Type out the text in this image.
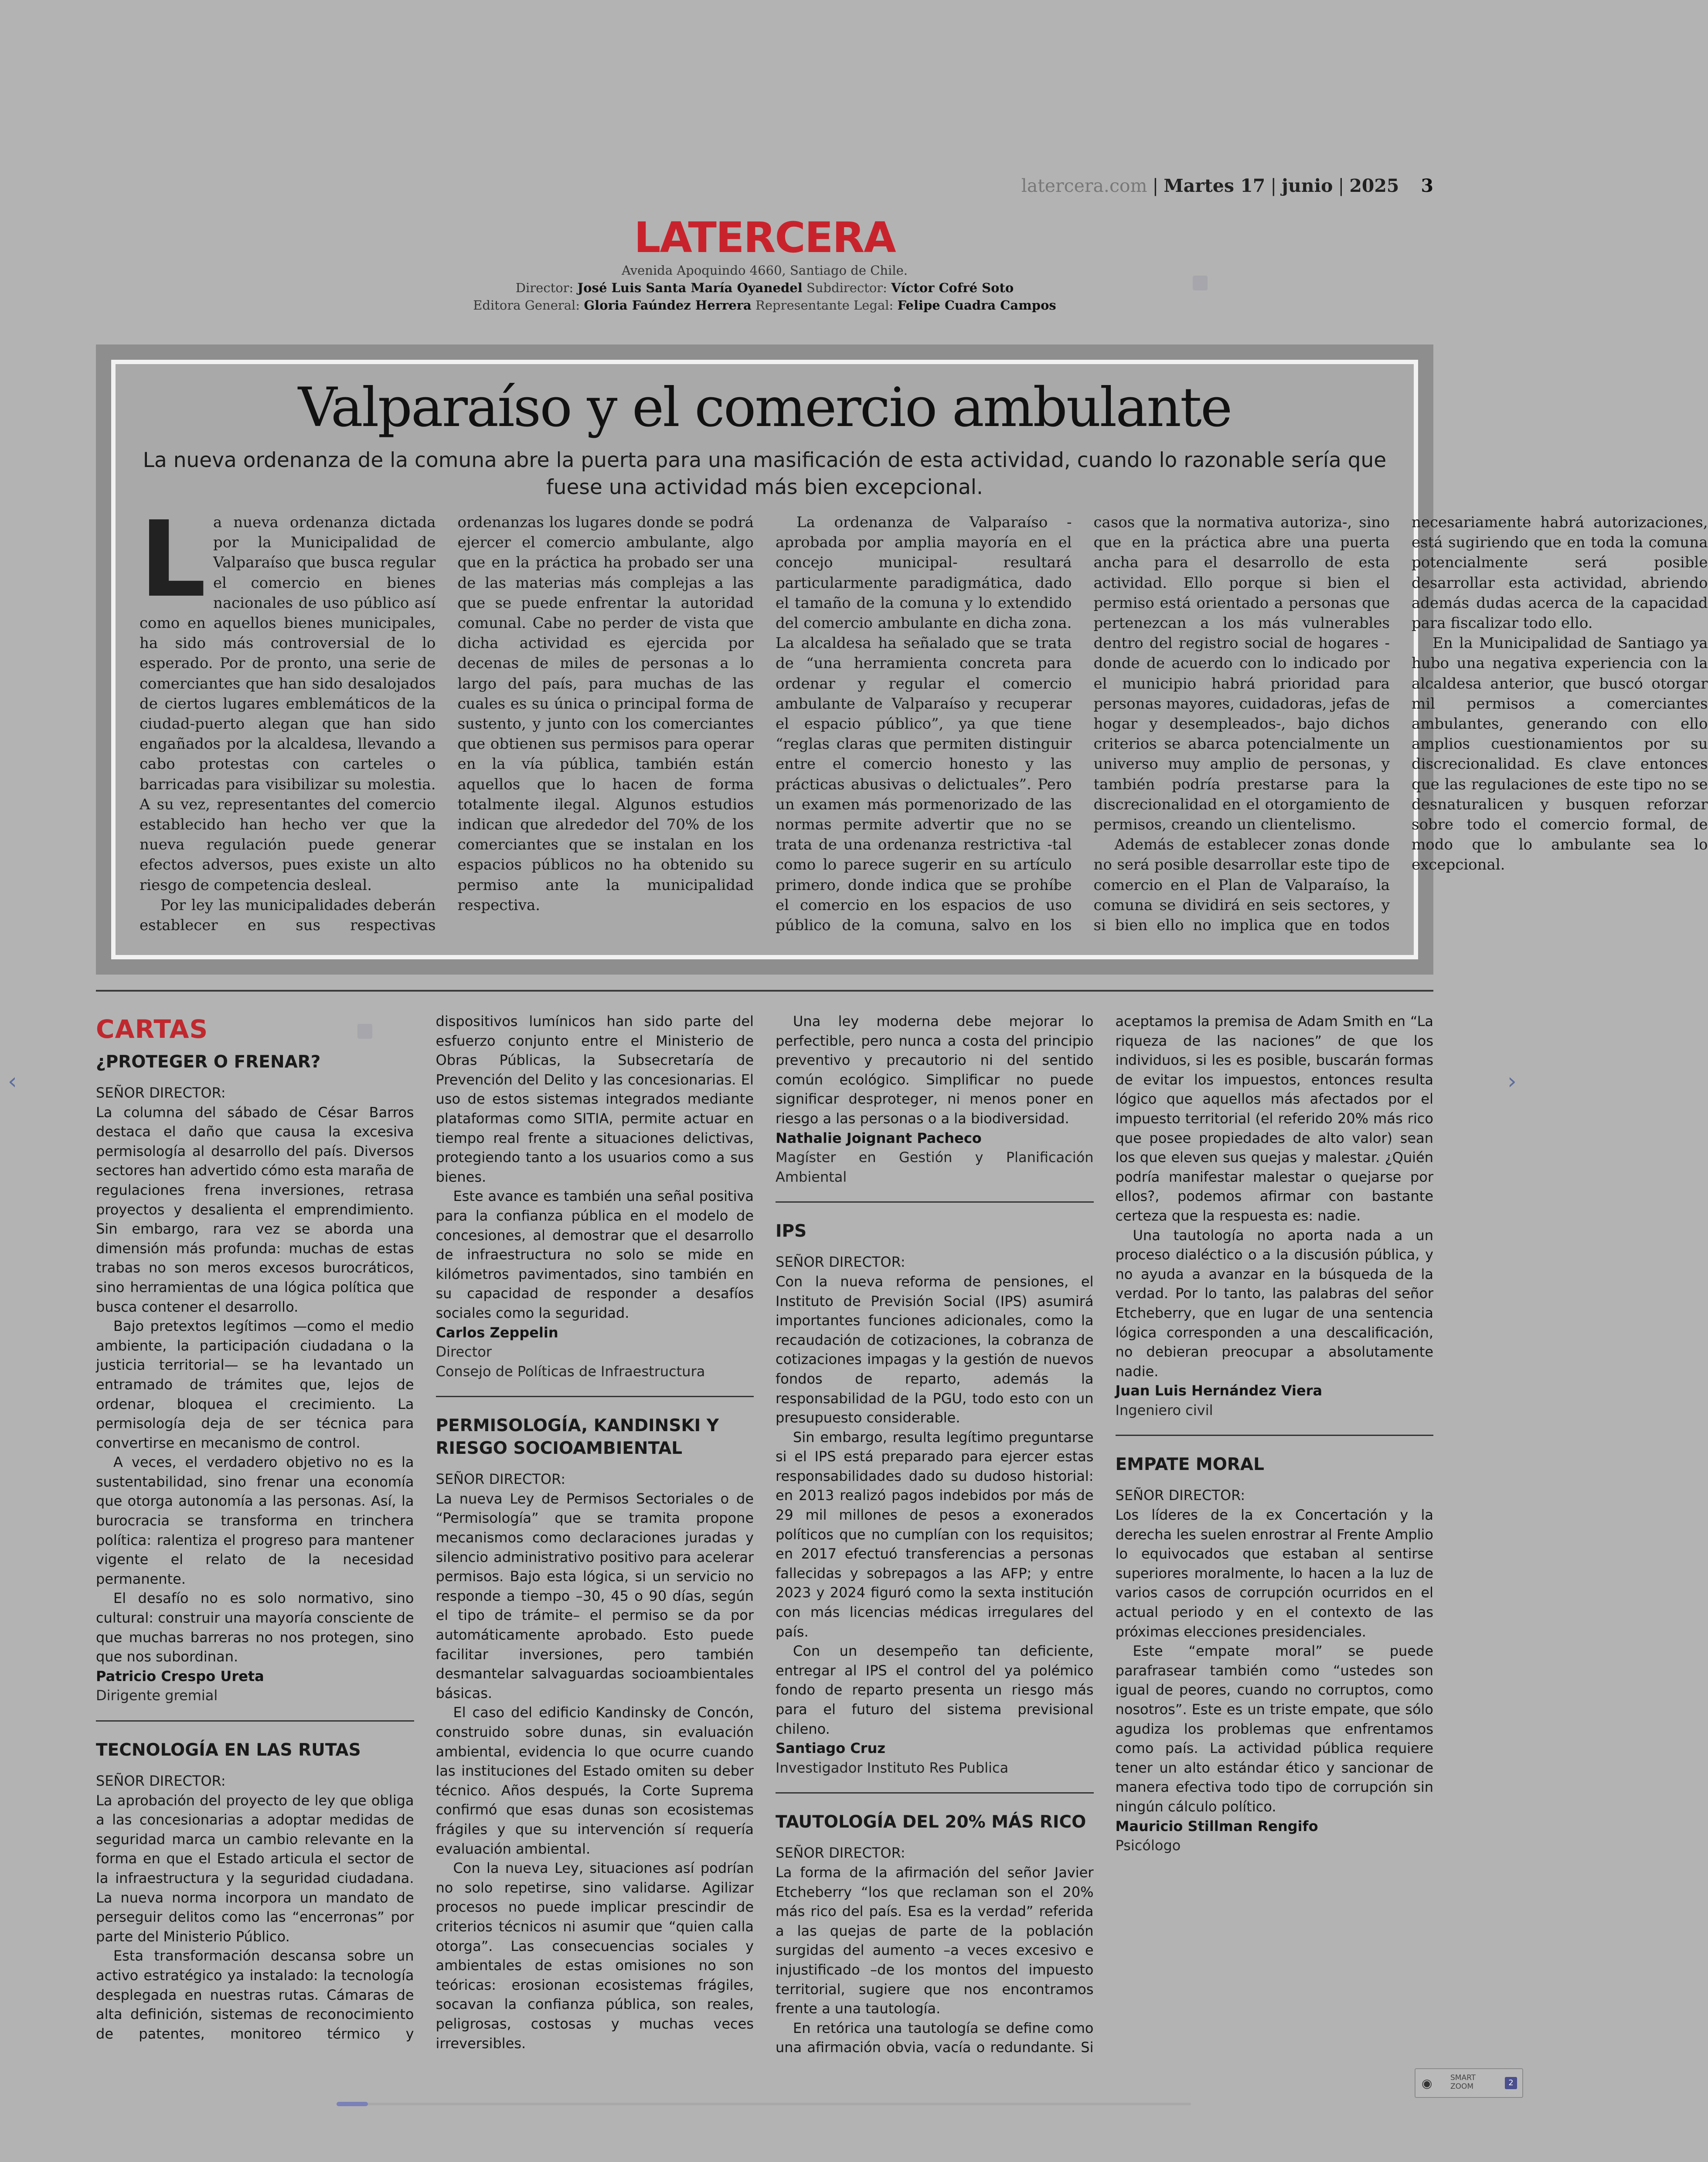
‹	›
latercera.com | Martes 17 | junio | 2025 3
LATERCERA
Avenida Apoquindo 4660, Santiago de Chile.
Director: José Luis Santa María Oyanedel Subdirector: Víctor Cofré Soto
Editora General: Gloria Faúndez Herrera Representante Legal: Felipe Cuadra Campos
Valparaíso y el comercio ambulante
La nueva ordenanza de la comuna abre la puerta para una masificación de esta actividad, cuando lo razonable sería que fuese una actividad más bien excepcional.

La nueva ordenanza dictada por la Municipalidad de Valparaíso que busca regular el comercio en bienes nacionales de uso público así como en aquellos bienes municipales, ha sido más controversial de lo esperado. Por de pronto, una serie de comerciantes que han sido desalojados de ciertos lugares emblemáticos de la ciudad-puerto alegan que han sido engañados por la alcaldesa, llevando a cabo protestas con carteles o barricadas para visibilizar su molestia. A su vez, representantes del comercio establecido han hecho ver que la nueva regulación puede generar efectos adversos, pues existe un alto riesgo de competencia desleal.

Por ley las municipalidades deberán establecer en sus respectivas ordenanzas los lugares donde se podrá ejercer el comercio ambulante, algo que en la práctica ha probado ser una de las materias más complejas a las que se puede enfrentar la autoridad comunal. Cabe no perder de vista que dicha actividad es ejercida por decenas de miles de personas a lo largo del país, para muchas de las cuales es su única o principal forma de sustento, y junto con los comerciantes que obtienen sus permisos para operar en la vía pública, también están aquellos que lo hacen de forma totalmente ilegal. Algunos estudios indican que alrededor del 70% de los comerciantes que se instalan en los espacios públicos no ha obtenido su permiso ante la municipalidad respectiva.

La ordenanza de Valparaíso -aprobada por amplia mayoría en el concejo municipal- resultará particularmente paradigmática, dado el tamaño de la comuna y lo extendido del comercio ambulante en dicha zona. La alcaldesa ha señalado que se trata de “una herramienta concreta para ordenar y regular el comercio ambulante de Valparaíso y recuperar el espacio público”, ya que tiene “reglas claras que permiten distinguir entre el comercio honesto y las prácticas abusivas o delictuales”. Pero un examen más pormenorizado de las normas permite advertir que no se trata de una ordenanza restrictiva -tal como lo parece sugerir en su artículo primero, donde indica que se prohíbe el comercio en los espacios de uso público de la comuna, salvo en los casos que la normativa autoriza-, sino que en la práctica abre una puerta ancha para el desarrollo de esta actividad. Ello porque si bien el permiso está orientado a personas que pertenezcan a los más vulnerables dentro del registro social de hogares -donde de acuerdo con lo indicado por el municipio habrá prioridad para personas mayores, cuidadoras, jefas de hogar y desempleados-, bajo dichos criterios se abarca potencialmente un universo muy amplio de personas, y también podría prestarse para la discrecionalidad en el otorgamiento de permisos, creando un clientelismo.

Además de establecer zonas donde no será posible desarrollar este tipo de comercio en el Plan de Valparaíso, la comuna se dividirá en seis sectores, y si bien ello no implica que en todos necesariamente habrá autorizaciones, está sugiriendo que en toda la comuna potencialmente será posible desarrollar esta actividad, abriendo además dudas acerca de la capacidad para fiscalizar todo ello.

En la Municipalidad de Santiago ya hubo una negativa experiencia con la alcaldesa anterior, que buscó otorgar mil permisos a comerciantes ambulantes, generando con ello amplios cuestionamientos por su discrecionalidad. Es clave entonces que las regulaciones de este tipo no se desnaturalicen y busquen reforzar sobre todo el comercio formal, de modo que lo ambulante sea lo excepcional.

CARTAS
¿PROTEGER O FRENAR?

SEÑOR DIRECTOR:

La columna del sábado de César Barros destaca el daño que causa la excesiva permisología al desarrollo del país. Diversos sectores han advertido cómo esta maraña de regulaciones frena inversiones, retrasa proyectos y desalienta el emprendimiento. Sin embargo, rara vez se aborda una dimensión más profunda: muchas de estas trabas no son meros excesos burocráticos, sino herramientas de una lógica política que busca contener el desarrollo.

Bajo pretextos legítimos —como el medio ambiente, la participación ciudadana o la justicia territorial— se ha levantado un entramado de trámites que, lejos de ordenar, bloquea el crecimiento. La permisología deja de ser técnica para convertirse en mecanismo de control.

A veces, el verdadero objetivo no es la sustentabilidad, sino frenar una economía que otorga autonomía a las personas. Así, la burocracia se transforma en trinchera política: ralentiza el progreso para mantener vigente el relato de la necesidad permanente.

El desafío no es solo normativo, sino cultural: construir una mayoría consciente de que muchas barreras no nos protegen, sino que nos subordinan.

Patricio Crespo Ureta

Dirigente gremial

TECNOLOGÍA EN LAS RUTAS

SEÑOR DIRECTOR:

La aprobación del proyecto de ley que obliga a las concesionarias a adoptar medidas de seguridad marca un cambio relevante en la forma en que el Estado articula el sector de la infraestructura y la seguridad ciudadana. La nueva norma incorpora un mandato de perseguir delitos como las “encerronas” por parte del Ministerio Público.

Esta transformación descansa sobre un activo estratégico ya instalado: la tecnología desplegada en nuestras rutas. Cámaras de alta definición, sistemas de reconocimiento de patentes, monitoreo térmico y dispositivos lumínicos han sido parte del esfuerzo conjunto entre el Ministerio de Obras Públicas, la Subsecretaría de Prevención del Delito y las concesionarias. El uso de estos sistemas integrados mediante plataformas como SITIA, permite actuar en tiempo real frente a situaciones delictivas, protegiendo tanto a los usuarios como a sus bienes.

Este avance es también una señal positiva para la confianza pública en el modelo de concesiones, al demostrar que el desarrollo de infraestructura no solo se mide en kilómetros pavimentados, sino también en su capacidad de responder a desafíos sociales como la seguridad.

Carlos Zeppelin

Director

Consejo de Políticas de Infraestructura

PERMISOLOGÍA, KANDINSKI Y RIESGO SOCIOAMBIENTAL

SEÑOR DIRECTOR:

La nueva Ley de Permisos Sectoriales o de “Permisología” que se tramita propone mecanismos como declaraciones juradas y silencio administrativo positivo para acelerar permisos. Bajo esta lógica, si un servicio no responde a tiempo –30, 45 o 90 días, según el tipo de trámite– el permiso se da por automáticamente aprobado. Esto puede facilitar inversiones, pero también desmantelar salvaguardas socioambientales básicas.

El caso del edificio Kandinsky de Concón, construido sobre dunas, sin evaluación ambiental, evidencia lo que ocurre cuando las instituciones del Estado omiten su deber técnico. Años después, la Corte Suprema confirmó que esas dunas son ecosistemas frágiles y que su intervención sí requería evaluación ambiental.

Con la nueva Ley, situaciones así podrían no solo repetirse, sino validarse. Agilizar procesos no puede implicar prescindir de criterios técnicos ni asumir que “quien calla otorga”. Las consecuencias sociales y ambientales de estas omisiones no son teóricas: erosionan ecosistemas frágiles, socavan la confianza pública, son reales, peligrosas, costosas y muchas veces irreversibles.

Una ley moderna debe mejorar lo perfectible, pero nunca a costa del principio preventivo y precautorio ni del sentido común ecológico. Simplificar no puede significar desproteger, ni menos poner en riesgo a las personas o a la biodiversidad.

Nathalie Joignant Pacheco

Magíster en Gestión y Planificación Ambiental

IPS

SEÑOR DIRECTOR:

Con la nueva reforma de pensiones, el Instituto de Previsión Social (IPS) asumirá importantes funciones adicionales, como la recaudación de cotizaciones, la cobranza de cotizaciones impagas y la gestión de nuevos fondos de reparto, además la responsabilidad de la PGU, todo esto con un presupuesto considerable.

Sin embargo, resulta legítimo preguntarse si el IPS está preparado para ejercer estas responsabilidades dado su dudoso historial: en 2013 realizó pagos indebidos por más de 29 mil millones de pesos a exonerados políticos que no cumplían con los requisitos; en 2017 efectuó transferencias a personas fallecidas y sobrepagos a las AFP; y entre 2023 y 2024 figuró como la sexta institución con más licencias médicas irregulares del país.

Con un desempeño tan deficiente, entregar al IPS el control del ya polémico fondo de reparto presenta un riesgo más para el futuro del sistema previsional chileno.

Santiago Cruz

Investigador Instituto Res Publica

TAUTOLOGÍA DEL 20% MÁS RICO

SEÑOR DIRECTOR:

La forma de la afirmación del señor Javier Etcheberry “los que reclaman son el 20% más rico del país. Esa es la verdad” referida a las quejas de parte de la población surgidas del aumento –a veces excesivo e injustificado –de los montos del impuesto territorial, sugiere que nos encontramos frente a una tautología.

En retórica una tautología se define como una afirmación obvia, vacía o redundante. Si aceptamos la premisa de Adam Smith en “La riqueza de las naciones” de que los individuos, si les es posible, buscarán formas de evitar los impuestos, entonces resulta lógico que aquellos más afectados por el impuesto territorial (el referido 20% más rico que posee propiedades de alto valor) sean los que eleven sus quejas y malestar. ¿Quién podría manifestar malestar o quejarse por ellos?, podemos afirmar con bastante certeza que la respuesta es: nadie.

Una tautología no aporta nada a un proceso dialéctico o a la discusión pública, y no ayuda a avanzar en la búsqueda de la verdad. Por lo tanto, las palabras del señor Etcheberry, que en lugar de una sentencia lógica corresponden a una descalificación, no debieran preocupar a absolutamente nadie.

Juan Luis Hernández Viera

Ingeniero civil

EMPATE MORAL

SEÑOR DIRECTOR:

Los líderes de la ex Concertación y la derecha les suelen enrostrar al Frente Amplio lo equivocados que estaban al sentirse superiores moralmente, lo hacen a la luz de varios casos de corrupción ocurridos en el actual periodo y en el contexto de las próximas elecciones presidenciales.

Este “empate moral” se puede parafrasear también como “ustedes son igual de peores, cuando no corruptos, como nosotros”. Este es un triste empate, que sólo agudiza los problemas que enfrentamos como país. La actividad pública requiere tener un alto estándar ético y sancionar de manera efectiva todo tipo de corrupción sin ningún cálculo político.

Mauricio Stillman Rengifo

Psicólogo

◉ SMART
ZOOM	2
